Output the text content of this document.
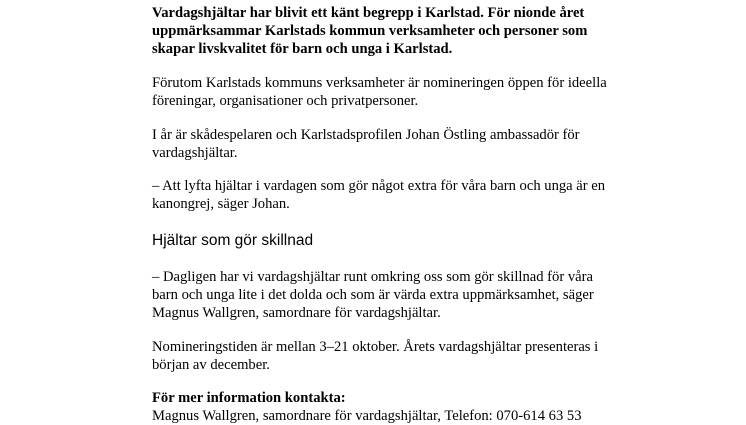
Vardagshjältar har blivit ett känt begrepp i Karlstad. För nionde året uppmärksammar Karlstads kommun verksamheter och personer som skapar livskvalitet för barn och unga i Karlstad.

Förutom Karlstads kommuns verksamheter är nomineringen öppen för ideella föreningar, organisationer och privatpersoner.

I år är skådespelaren och Karlstadsprofilen Johan Östling ambassadör för vardagshjältar.

– Att lyfta hjältar i vardagen som gör något extra för våra barn och unga är en kanongrej, säger Johan.

Hjältar som gör skillnad

– Dagligen har vi vardagshjältar runt omkring oss som gör skillnad för våra barn och unga lite i det dolda och som är värda extra uppmärksamhet, säger Magnus Wallgren, samordnare för vardagshjältar.

Nomineringstiden är mellan 3–21 oktober. Årets vardagshjältar presenteras i början av december.

För mer information kontakta:

Magnus Wallgren, samordnare för vardagshjältar, Telefon: 070-614 63 53
